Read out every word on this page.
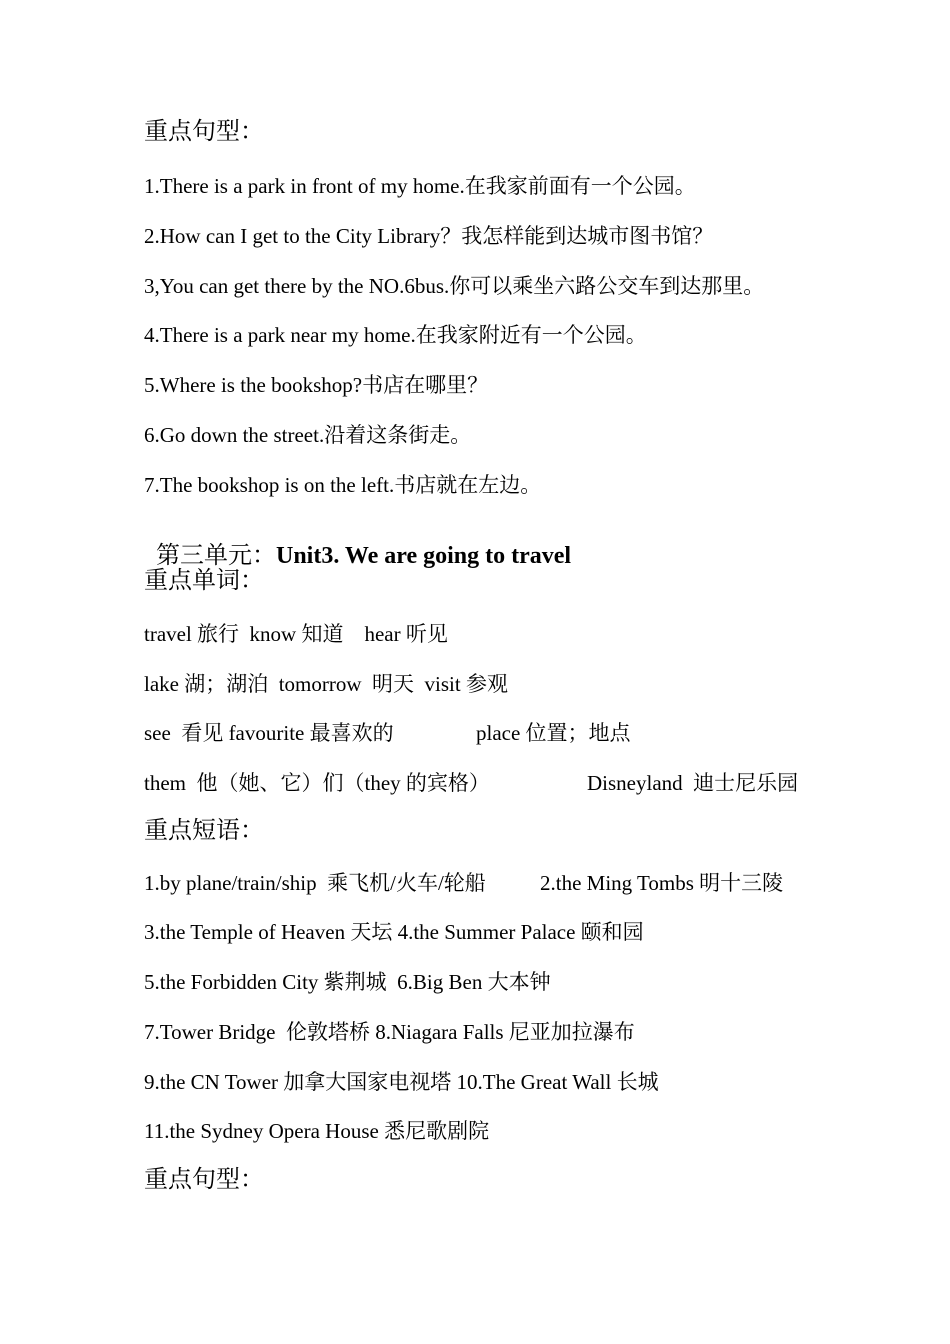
重点句型：
1.There is a park in front of my home.在我家前面有一个公园。
2.How can I get to the City Library？我怎样能到达城市图书馆？
3,You can get there by the NO.6bus.你可以乘坐六路公交车到达那里。
4.There is a park near my home.在我家附近有一个公园。
5.Where is the bookshop?书店在哪里？
6.Go down the street.沿着这条街走。
7.The bookshop is on the left.书店就在左边。

第三单元：Unit3. We are going to travel

重点单词：
travel 旅行  know 知道    hear 听见
lake 湖；湖泊  tomorrow  明天  visit 参观
see  看见 favourite 最喜欢的	place 位置；地点
them  他（她、它）们（they 的宾格）	Disneyland  迪士尼乐园
重点短语：
1.by plane/train/ship  乘飞机/火车/轮船	2.the Ming Tombs 明十三陵
3.the Temple of Heaven 天坛 4.the Summer Palace 颐和园
5.the Forbidden City 紫荆城  6.Big Ben 大本钟
7.Tower Bridge  伦敦塔桥 8.Niagara Falls 尼亚加拉瀑布
9.the CN Tower 加拿大国家电视塔 10.The Great Wall 长城
11.the Sydney Opera House 悉尼歌剧院
重点句型：
